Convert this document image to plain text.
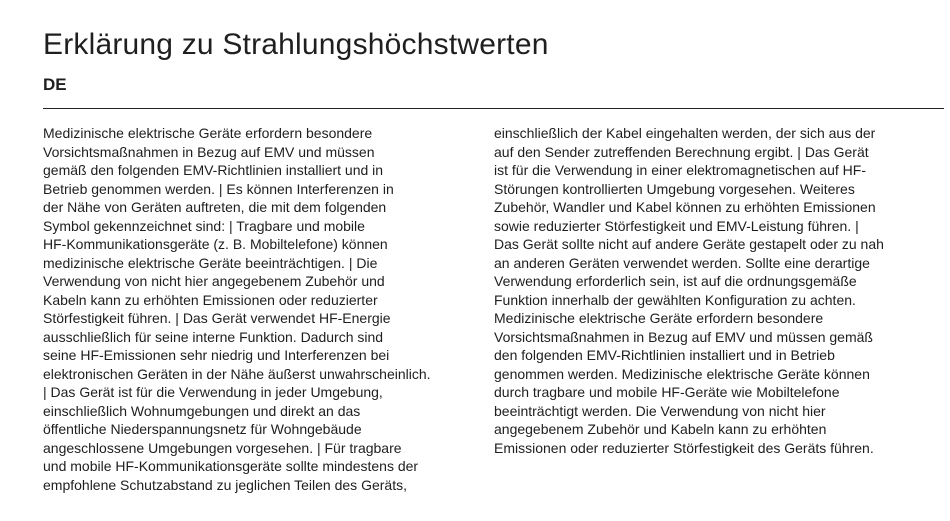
Erklärung zu Strahlungshöchstwerten
DE
Medizinische elektrische Geräte erfordern besondere
Vorsichtsmaßnahmen in Bezug auf EMV und müssen
gemäß den folgenden EMV-Richtlinien installiert und in
Betrieb genommen werden. | Es können Interferenzen in
der Nähe von Geräten auftreten, die mit dem folgenden
Symbol gekennzeichnet sind: | Tragbare und mobile
HF-Kommunikationsgeräte (z. B. Mobiltelefone) können
medizinische elektrische Geräte beeinträchtigen. | Die
Verwendung von nicht hier angegebenem Zubehör und
Kabeln kann zu erhöhten Emissionen oder reduzierter
Störfestigkeit führen. | Das Gerät verwendet HF-Energie
ausschließlich für seine interne Funktion. Dadurch sind
seine HF-Emissionen sehr niedrig und Interferenzen bei
elektronischen Geräten in der Nähe äußerst unwahrscheinlich.
| Das Gerät ist für die Verwendung in jeder Umgebung,
einschließlich Wohnumgebungen und direkt an das
öffentliche Niederspannungsnetz für Wohngebäude
angeschlossene Umgebungen vorgesehen. | Für tragbare
und mobile HF-Kommunikationsgeräte sollte mindestens der
empfohlene Schutzabstand zu jeglichen Teilen des Geräts,
einschließlich der Kabel eingehalten werden, der sich aus der
auf den Sender zutreffenden Berechnung ergibt. | Das Gerät
ist für die Verwendung in einer elektromagnetischen auf HF-
Störungen kontrollierten Umgebung vorgesehen. Weiteres
Zubehör, Wandler und Kabel können zu erhöhten Emissionen
sowie reduzierter Störfestigkeit und EMV-Leistung führen. |
Das Gerät sollte nicht auf andere Geräte gestapelt oder zu nah
an anderen Geräten verwendet werden. Sollte eine derartige
Verwendung erforderlich sein, ist auf die ordnungsgemäße
Funktion innerhalb der gewählten Konfiguration zu achten.
Medizinische elektrische Geräte erfordern besondere
Vorsichtsmaßnahmen in Bezug auf EMV und müssen gemäß
den folgenden EMV-Richtlinien installiert und in Betrieb
genommen werden. Medizinische elektrische Geräte können
durch tragbare und mobile HF-Geräte wie Mobiltelefone
beeinträchtigt werden. Die Verwendung von nicht hier
angegebenem Zubehör und Kabeln kann zu erhöhten
Emissionen oder reduzierter Störfestigkeit des Geräts führen.
